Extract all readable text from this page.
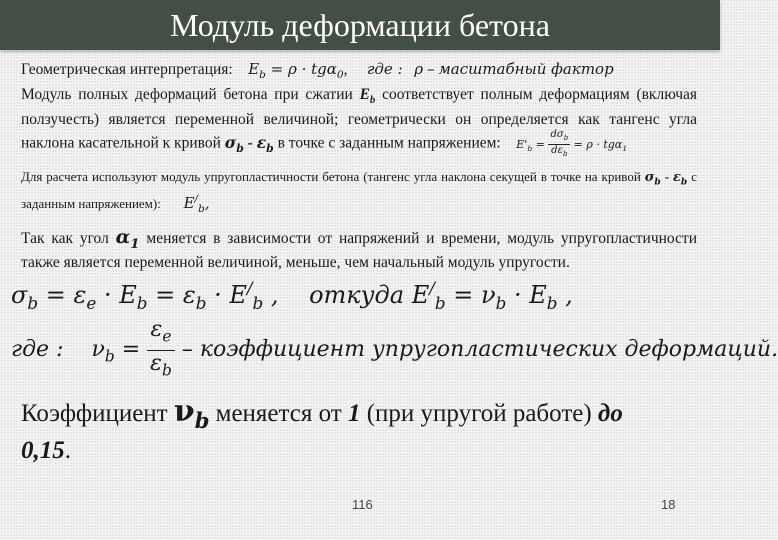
Модуль деформации бетона

Геометрическая интерпретация: $E_b = \rho \cdot tg\alpha_0$,     где : ρ – масштабный фактор
Модуль полных деформаций бетона при сжатии $E_b$ соответствует полным деформациям (включая ползучесть) является переменной величиной; геометрически он определяется как тангенс угла наклона касательной к кривой $\sigma_b - \varepsilon_b$ в точке с заданным напряжением: $E'_b = \frac{d\sigma_b}{d\varepsilon_b} = \rho \cdot tg\alpha_1$

Для расчета используют модуль упругопластичности бетона (тангенс угла наклона секущей в точке на кривой $\sigma_b - \varepsilon_b$ с заданным напряжением): $E^/_b$,

Так как угол $\alpha_1$ меняется в зависимости от напряжений и времени, модуль упругопластичности также является переменной величиной, меньше, чем начальный модуль упругости.

$\sigma_b = \varepsilon_e \cdot E_b = \varepsilon_b \cdot E^/_b$ , откуда $E^/_b = \nu_b \cdot E_b$ ,
где : $\nu_b = \frac{\varepsilon_e}{\varepsilon_b}$ – коэффициент упругопластических деформаций.

Коэффициент $\nu_b$ меняется от 1 (при упругой работе) до
0,15.

116	18
